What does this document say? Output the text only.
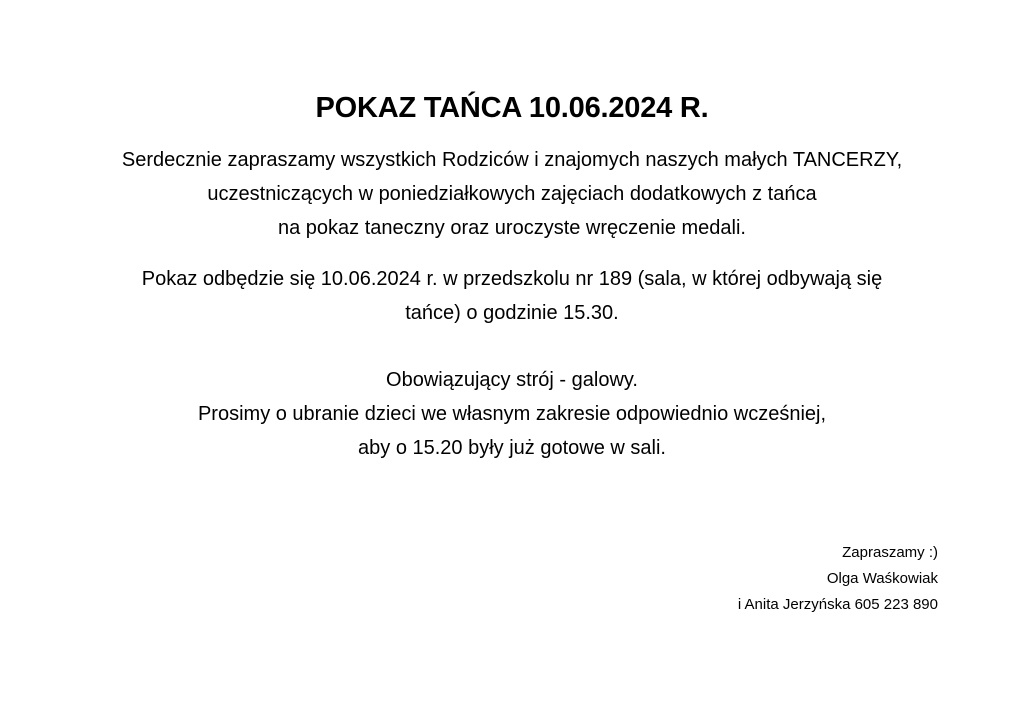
POKAZ TAŃCA 10.06.2024 R.
Serdecznie zapraszamy wszystkich Rodziców i znajomych naszych małych TANCERZY,
uczestniczących w poniedziałkowych zajęciach dodatkowych z tańca
na pokaz taneczny oraz uroczyste wręczenie medali.
Pokaz odbędzie się 10.06.2024 r. w przedszkolu nr 189 (sala, w której odbywają się
tańce) o godzinie 15.30.
Obowiązujący strój - galowy.
Prosimy o ubranie dzieci we własnym zakresie odpowiednio wcześniej,
aby o 15.20 były już gotowe w sali.
Zapraszamy :)
Olga Waśkowiak
i Anita Jerzyńska 605 223 890
